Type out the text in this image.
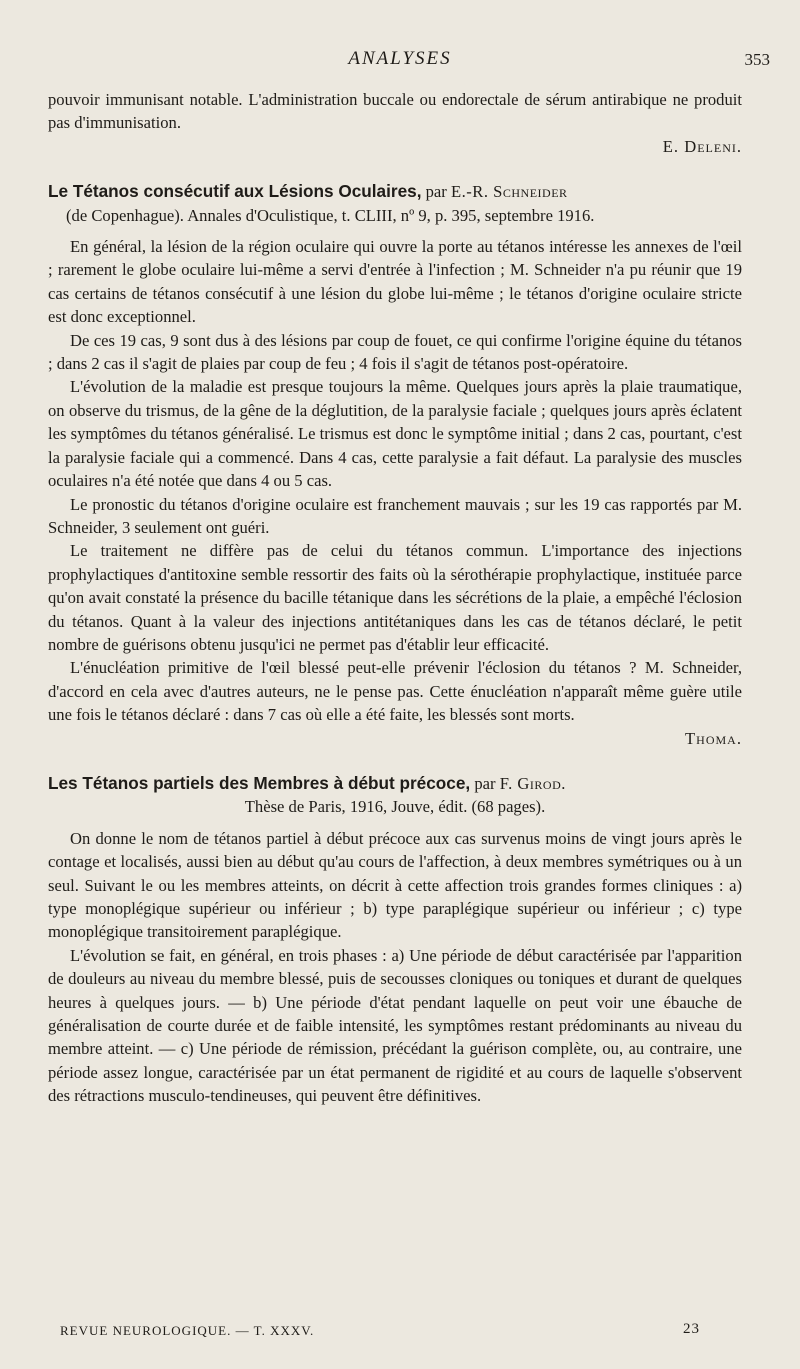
ANALYSES	353

pouvoir immunisant notable. L'administration buccale ou endorectale de sérum antirabique ne produit pas d'immunisation.
E. Deleni.

Le Tétanos consécutif aux Lésions Oculaires, par E.-R. Schneider
(de Copenhague). Annales d'Oculistique, t. CLIII, nº 9, p. 395, septembre 1916.

En général, la lésion de la région oculaire qui ouvre la porte au tétanos intéresse les annexes de l'œil ; rarement le globe oculaire lui-même a servi d'entrée à l'infection ; M. Schneider n'a pu réunir que 19 cas certains de tétanos consécutif à une lésion du globe lui-même ; le tétanos d'origine oculaire stricte est donc exceptionnel.

De ces 19 cas, 9 sont dus à des lésions par coup de fouet, ce qui confirme l'origine équine du tétanos ; dans 2 cas il s'agit de plaies par coup de feu ; 4 fois il s'agit de tétanos post-opératoire.

L'évolution de la maladie est presque toujours la même. Quelques jours après la plaie traumatique, on observe du trismus, de la gêne de la déglutition, de la paralysie faciale ; quelques jours après éclatent les symptômes du tétanos généralisé. Le trismus est donc le symptôme initial ; dans 2 cas, pourtant, c'est la paralysie faciale qui a commencé. Dans 4 cas, cette paralysie a fait défaut. La paralysie des muscles oculaires n'a été notée que dans 4 ou 5 cas.

Le pronostic du tétanos d'origine oculaire est franchement mauvais ; sur les 19 cas rapportés par M. Schneider, 3 seulement ont guéri.

Le traitement ne diffère pas de celui du tétanos commun. L'importance des injections prophylactiques d'antitoxine semble ressortir des faits où la sérothérapie prophylactique, instituée parce qu'on avait constaté la présence du bacille tétanique dans les sécrétions de la plaie, a empêché l'éclosion du tétanos. Quant à la valeur des injections antitétaniques dans les cas de tétanos déclaré, le petit nombre de guérisons obtenu jusqu'ici ne permet pas d'établir leur efficacité.

L'énucléation primitive de l'œil blessé peut-elle prévenir l'éclosion du tétanos ? M. Schneider, d'accord en cela avec d'autres auteurs, ne le pense pas. Cette énucléation n'apparaît même guère utile une fois le tétanos déclaré : dans 7 cas où elle a été faite, les blessés sont morts.
Thoma.

Les Tétanos partiels des Membres à début précoce, par F. Girod.
Thèse de Paris, 1916, Jouve, édit. (68 pages).

On donne le nom de tétanos partiel à début précoce aux cas survenus moins de vingt jours après le contage et localisés, aussi bien au début qu'au cours de l'affection, à deux membres symétriques ou à un seul. Suivant le ou les membres atteints, on décrit à cette affection trois grandes formes cliniques : a) type monoplégique supérieur ou inférieur ; b) type paraplégique supérieur ou inférieur ; c) type monoplégique transitoirement paraplégique.

L'évolution se fait, en général, en trois phases : a) Une période de début caractérisée par l'apparition de douleurs au niveau du membre blessé, puis de secousses cloniques ou toniques et durant de quelques heures à quelques jours. — b) Une période d'état pendant laquelle on peut voir une ébauche de généralisation de courte durée et de faible intensité, les symptômes restant prédominants au niveau du membre atteint. — c) Une période de rémission, précédant la guérison complète, ou, au contraire, une période assez longue, caractérisée par un état permanent de rigidité et au cours de laquelle s'observent des rétractions musculo-tendineuses, qui peuvent être définitives.

REVUE NEUROLOGIQUE. — T. XXXV.	23
